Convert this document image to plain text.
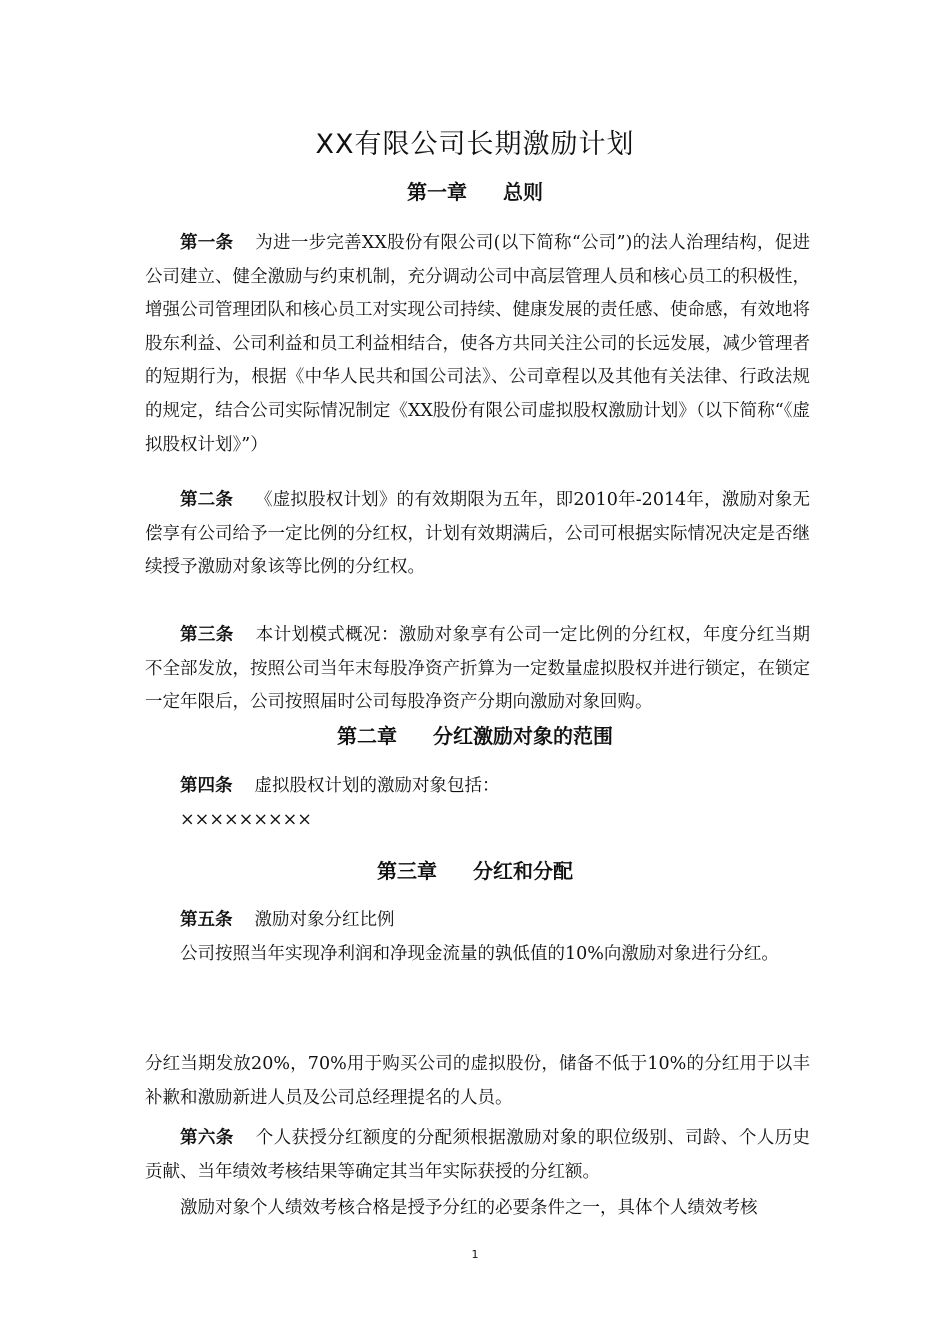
XX有限公司长期激励计划
第一章 总则
第一条 为进一步完善XX股份有限公司(以下简称“公司”)的法人治理结构，促进公司建立、健全激励与约束机制，充分调动公司中高层管理人员和核心员工的积极性，增强公司管理团队和核心员工对实现公司持续、健康发展的责任感、使命感，有效地将股东利益、公司利益和员工利益相结合，使各方共同关注公司的长远发展，减少管理者的短期行为，根据《中华人民共和国公司法》、公司章程以及其他有关法律、行政法规的规定，结合公司实际情况制定《XX股份有限公司虚拟股权激励计划》（以下简称“《虚拟股权计划》”）
第二条 《虚拟股权计划》的有效期限为五年，即2010年-2014年，激励对象无偿享有公司给予一定比例的分红权，计划有效期满后，公司可根据实际情况决定是否继续授予激励对象该等比例的分红权。
第三条 本计划模式概况：激励对象享有公司一定比例的分红权，年度分红当期不全部发放，按照公司当年末每股净资产折算为一定数量虚拟股权并进行锁定，在锁定一定年限后，公司按照届时公司每股净资产分期向激励对象回购。
第二章 分红激励对象的范围
第四条 虚拟股权计划的激励对象包括：
×××××××××
第三章 分红和分配
第五条 激励对象分红比例
公司按照当年实现净利润和净现金流量的孰低值的10%向激励对象进行分红。
分红当期发放20%，70%用于购买公司的虚拟股份，储备不低于10%的分红用于以丰补歉和激励新进人员及公司总经理提名的人员。
第六条 个人获授分红额度的分配须根据激励对象的职位级别、司龄、个人历史贡献、当年绩效考核结果等确定其当年实际获授的分红额。
激励对象个人绩效考核合格是授予分红的必要条件之一，具体个人绩效考核
1
